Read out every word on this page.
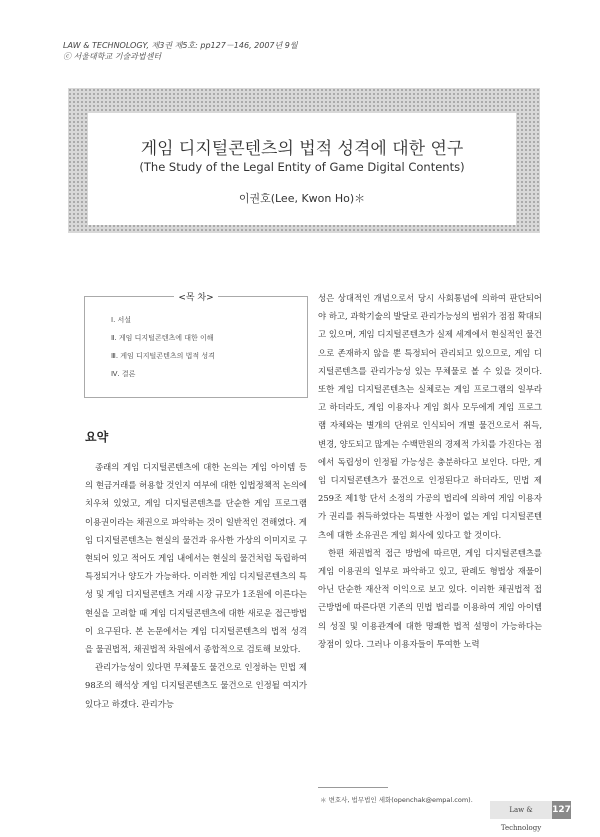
LAW & TECHNOLOGY, 제3권 제5호: pp127－146, 2007년 9월
ⓒ 서울대학교 기술과법센터
게임 디지털콘텐츠의 법적 성격에 대한 연구
(The Study of the Legal Entity of Game Digital Contents)
이권호(Lee, Kwon Ho)＊
<목 차>
Ⅰ. 서설
Ⅱ. 게임 디지털콘텐츠에 대한 이해
Ⅲ. 게임 디지털콘텐츠의 법적 성격
Ⅳ. 결론
요약

종래의 게임 디지털콘텐츠에 대한 논의는 게임 아이템 등의 현금거래를 허용할 것인지 여부에 대한 입법정책적 논의에 치우쳐 있었고, 게임 디지털콘텐츠를 단순한 게임 프로그램 이용권이라는 채권으로 파악하는 것이 일반적인 견해였다. 게임 디지털콘텐츠는 현실의 물건과 유사한 가상의 이미지로 구현되어 있고 적어도 게임 내에서는 현실의 물건처럼 독립하여 특정되거나 양도가 가능하다. 이러한 게임 디지털콘텐츠의 특성 및 게임 디지털콘텐츠 거래 시장 규모가 1조원에 이른다는 현실을 고려할 때 게임 디지털콘텐츠에 대한 새로운 접근방법이 요구된다. 본 논문에서는 게임 디지털콘텐츠의 법적 성격을 물권법적, 채권법적 차원에서 종합적으로 검토해 보았다.

관리가능성이 있다면 무체물도 물건으로 인정하는 민법 제98조의 해석상 게임 디지털콘텐츠도 물건으로 인정될 여지가 있다고 하겠다. 관리가능

성은 상대적인 개념으로서 당시 사회통념에 의하여 판단되어야 하고, 과학기술의 발달로 관리가능성의 범위가 점점 확대되고 있으며, 게임 디지털콘텐츠가 실제 세계에서 현실적인 물건으로 존재하지 않을 뿐 특정되어 관리되고 있으므로, 게임 디지털콘텐츠를 관리가능성 있는 무체물로 볼 수 있을 것이다. 또한 게임 디지털콘텐츠는 실체로는 게임 프로그램의 일부라고 하더라도, 게임 이용자나 게임 회사 모두에게 게임 프로그램 자체와는 별개의 단위로 인식되어 개별 물건으로서 취득, 변경, 양도되고 많게는 수백만원의 경제적 가치를 가진다는 점에서 독립성이 인정될 가능성은 충분하다고 보인다. 다만, 게임 디지털콘텐츠가 물건으로 인정된다고 하더라도, 민법 제259조 제1항 단서 소정의 가공의 법리에 의하여 게임 이용자가 권리를 취득하였다는 특별한 사정이 없는 게임 디지털콘텐츠에 대한 소유권은 게임 회사에 있다고 할 것이다.

한편 채권법적 접근 방법에 따르면, 게임 디지털콘텐츠를 게임 이용권의 일부로 파악하고 있고, 판례도 형법상 재물이 아닌 단순한 재산적 이익으로 보고 있다. 이러한 채권법적 접근방법에 따른다면 기존의 민법 법리를 이용하여 게임 아이템의 성질 및 이용관계에 대한 명쾌한 법적 설명이 가능하다는 장점이 있다. 그러나 이용자들이 투여한 노력

＊ 변호사, 법무법인 세화(openchak@empal.com).
Law & Technology
127
